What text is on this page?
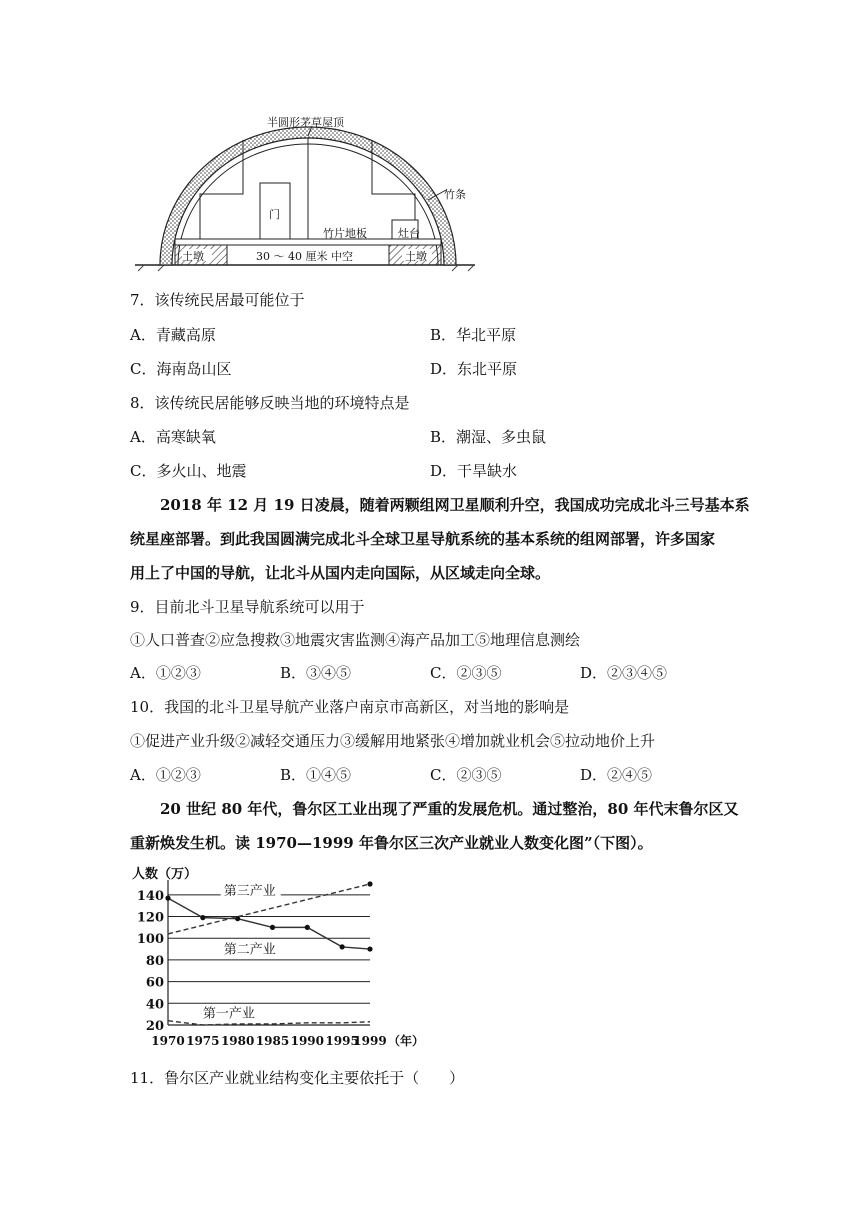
半圆形茅草屋顶
竹条
门
竹片地板	灶台
土墩	土墩
30 ～ 40 厘米 中空
7．该传统民居最可能位于
A．青藏高原	B．华北平原
C．海南岛山区	D．东北平原
8．该传统民居能够反映当地的环境特点是
A．高寒缺氧	B．潮湿、多虫鼠
C．多火山、地震	D．干旱缺水
2018 年 12 月 19 日凌晨，随着两颗组网卫星顺利升空，我国成功完成北斗三号基本系
统星座部署。到此我国圆满完成北斗全球卫星导航系统的基本系统的组网部署，许多国家
用上了中国的导航，让北斗从国内走向国际，从区域走向全球。
9．目前北斗卫星导航系统可以用于
①人口普查②应急搜救③地震灾害监测④海产品加工⑤地理信息测绘
A．①②③	B．③④⑤	C．②③⑤	D．②③④⑤
10．我国的北斗卫星导航产业落户南京市高新区，对当地的影响是
①促进产业升级②减轻交通压力③缓解用地紧张④增加就业机会⑤拉动地价上升
A．①②③	B．①④⑤	C．②③⑤	D．②④⑤
20 世纪 80 年代，鲁尔区工业出现了严重的发展危机。通过整治，80 年代末鲁尔区又
重新焕发生机。读 1970—1999 年鲁尔区三次产业就业人数变化图”（下图）。
人数（万）
20
40
60
80
100
120
140
1970 1975 1980 1985 1990 1995
1999 （年）
第三产业
第二产业
第一产业
11．鲁尔区产业就业结构变化主要依托于（　　）
